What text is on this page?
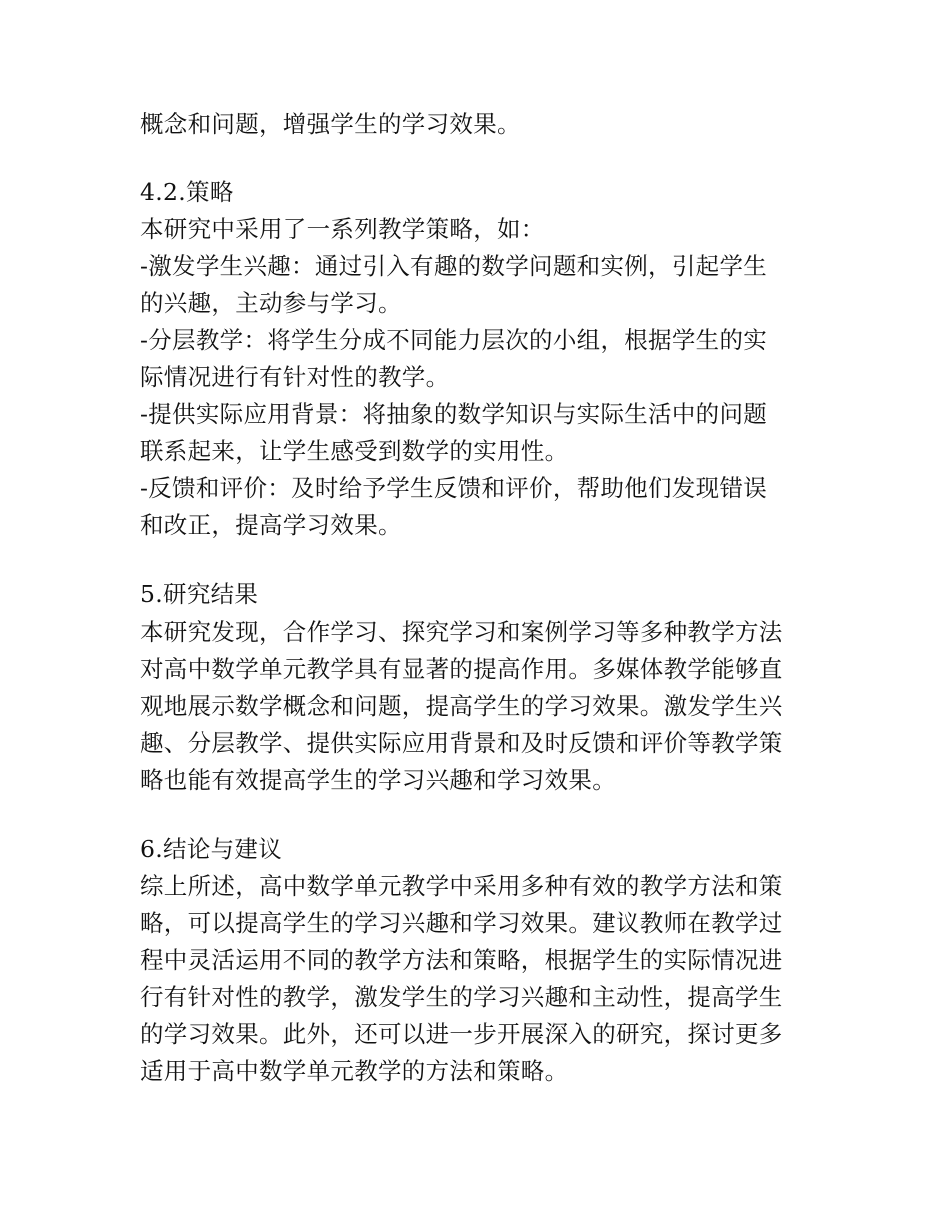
概念和问题，增强学生的学习效果。
4.2.策略
本研究中采用了一系列教学策略，如：
-激发学生兴趣：通过引入有趣的数学问题和实例，引起学生
的兴趣，主动参与学习。
-分层教学：将学生分成不同能力层次的小组，根据学生的实
际情况进行有针对性的教学。
-提供实际应用背景：将抽象的数学知识与实际生活中的问题
联系起来，让学生感受到数学的实用性。
-反馈和评价：及时给予学生反馈和评价，帮助他们发现错误
和改正，提高学习效果。
5.研究结果
本研究发现，合作学习、探究学习和案例学习等多种教学方法
对高中数学单元教学具有显著的提高作用。多媒体教学能够直
观地展示数学概念和问题，提高学生的学习效果。激发学生兴
趣、分层教学、提供实际应用背景和及时反馈和评价等教学策
略也能有效提高学生的学习兴趣和学习效果。
6.结论与建议
综上所述，高中数学单元教学中采用多种有效的教学方法和策
略，可以提高学生的学习兴趣和学习效果。建议教师在教学过
程中灵活运用不同的教学方法和策略，根据学生的实际情况进
行有针对性的教学，激发学生的学习兴趣和主动性，提高学生
的学习效果。此外，还可以进一步开展深入的研究，探讨更多
适用于高中数学单元教学的方法和策略。
